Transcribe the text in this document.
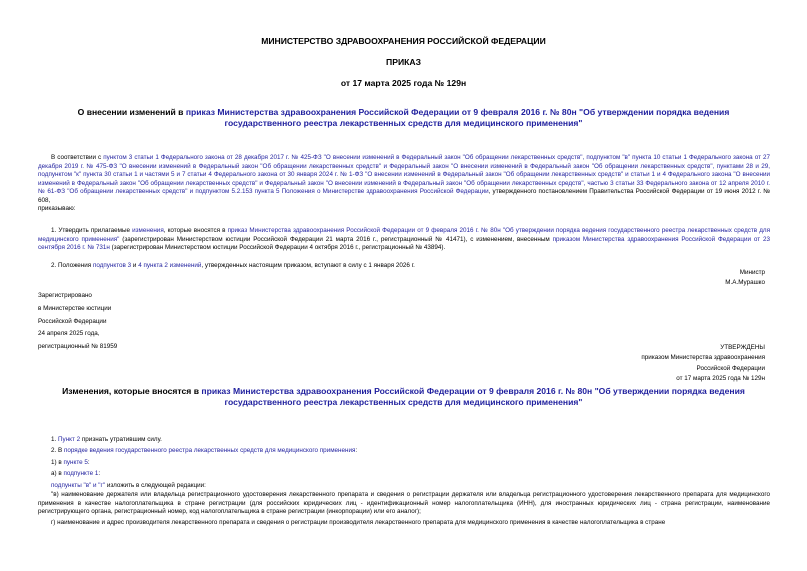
МИНИСТЕРСТВО ЗДРАВООХРАНЕНИЯ РОССИЙСКОЙ ФЕДЕРАЦИИ
ПРИКАЗ
от 17 марта 2025 года № 129н
О внесении изменений в приказ Министерства здравоохранения Российской Федерации от 9 февраля 2016 г. № 80н "Об утверждении порядка ведения государственного реестра лекарственных средств для медицинского применения"

В соответствии с пунктом 3 статьи 1 Федерального закона от 28 декабря 2017 г. № 425-ФЗ "О внесении изменений в Федеральный закон "Об обращении лекарственных средств", подпунктом "в" пункта 10 статьи 1 Федерального закона от 27 декабря 2019 г. № 475-ФЗ "О внесении изменений в Федеральный закон "Об обращении лекарственных средств" и Федеральный закон "О внесении изменений в Федеральный закон "Об обращении лекарственных средств", пунктами 28 и 29, подпунктом "к" пункта 30 статьи 1 и частями 5 и 7 статьи 4 Федерального закона от 30 января 2024 г. № 1-ФЗ "О внесении изменений в Федеральный закон "Об обращении лекарственных средств" и статьи 1 и 4 Федерального закона "О внесении изменений в Федеральный закон "Об обращении лекарственных средств" и Федеральный закон "О внесении изменений в Федеральный закон "Об обращении лекарственных средств", частью 3 статьи 33 Федерального закона от 12 апреля 2010 г. № 61-ФЗ "Об обращении лекарственных средств" и подпунктом 5.2.153 пункта 5 Положения о Министерстве здравоохранения Российской Федерации, утвержденного постановлением Правительства Российской Федерации от 19 июня 2012 г. № 608,

приказываю:

1. Утвердить прилагаемые изменения, которые вносятся в приказ Министерства здравоохранения Российской Федерации от 9 февраля 2016 г. № 80н "Об утверждении порядка ведения государственного реестра лекарственных средств для медицинского применения" (зарегистрирован Министерством юстиции Российской Федерации 21 марта 2016 г., регистрационный № 41471), с изменением, внесенным приказом Министерства здравоохранения Российской Федерации от 23 сентября 2016 г. № 731н (зарегистрирован Министерством юстиции Российской Федерации 4 октября 2016 г., регистрационный № 43894).

2. Положения подпунктов 3 и 4 пункта 2 изменений, утвержденных настоящим приказом, вступают в силу с 1 января 2026 г.

Министр
М.А.Мурашко
Зарегистрировано
в Министерстве юстиции
Российской Федерации
24 апреля 2025 года,
регистрационный № 81959	УТВЕРЖДЕНЫ
приказом Министерства здравоохранения
Российской Федерации
от 17 марта 2025 года № 129н
Изменения, которые вносятся в приказ Министерства здравоохранения Российской Федерации от 9 февраля 2016 г. № 80н "Об утверждении порядка ведения государственного реестра лекарственных средств для медицинского применения"

1. Пункт 2 признать утратившим силу.

2. В порядке ведения государственного реестра лекарственных средств для медицинского применения:

1) в пункте 5:

а) в подпункте 1:

подпункты "в" и "г" изложить в следующей редакции:

"в) наименование держателя или владельца регистрационного удостоверения лекарственного препарата и сведения о регистрации держателя или владельца регистрационного удостоверения лекарственного препарата для медицинского применения в качестве налогоплательщика в стране регистрации (для российских юридических лиц - идентификационный номер налогоплательщика (ИНН), для иностранных юридических лиц - страна регистрации, наименование регистрирующего органа, регистрационный номер, код налогоплательщика в стране регистрации (инкорпорации) или его аналог);

г) наименование и адрес производителя лекарственного препарата и сведения о регистрации производителя лекарственного препарата для медицинского применения в качестве налогоплательщика в стране
